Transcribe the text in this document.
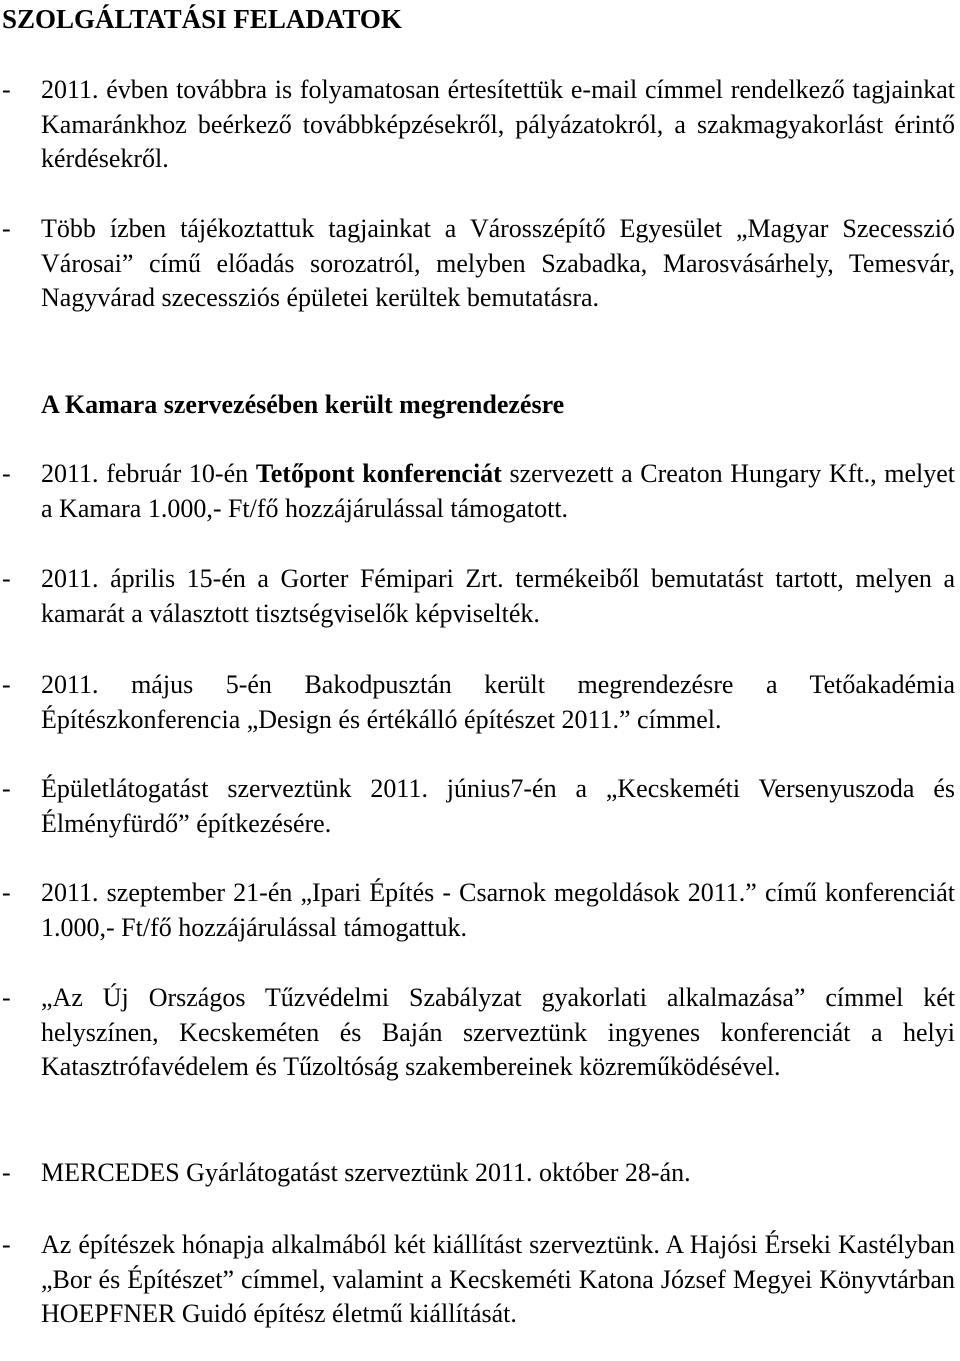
SZOLGÁLTATÁSI FELADATOK
- 2011. évben továbbra is folyamatosan értesítettük e-mail címmel rendelkező tagjainkat Kamaránkhoz beérkező továbbképzésekről, pályázatokról, a szakmagyakorlást érintő kérdésekről.
- Több ízben tájékoztattuk tagjainkat a Városszépítő Egyesület „Magyar Szecesszió Városai” című előadás sorozatról, melyben Szabadka, Marosvásárhely, Temesvár, Nagyvárad szecessziós épületei kerültek bemutatásra.
A Kamara szervezésében került megrendezésre
- 2011. február 10-én Tetőpont konferenciát szervezett a Creaton Hungary Kft., melyet a Kamara 1.000,- Ft/fő hozzájárulással támogatott.
- 2011. április 15-én a Gorter Fémipari Zrt. termékeiből bemutatást tartott, melyen a kamarát a választott tisztségviselők képviselték.
- 2011. május 5-én Bakodpusztán került megrendezésre a Tetőakadémia Építészkonferencia „Design és értékálló építészet 2011.” címmel.
- Épületlátogatást szerveztünk 2011. június7-én a „Kecskeméti Versenyuszoda és Élményfürdő” építkezésére.
- 2011. szeptember 21-én „Ipari Építés - Csarnok megoldások 2011.” című konferenciát 1.000,- Ft/fő hozzájárulással támogattuk.
- „Az Új Országos Tűzvédelmi Szabályzat gyakorlati alkalmazása” címmel két helyszínen, Kecskeméten és Baján szerveztünk ingyenes konferenciát a helyi Katasztrófavédelem és Tűzoltóság szakembereinek közreműködésével.
- MERCEDES Gyárlátogatást szerveztünk 2011. október 28-án.
- Az építészek hónapja alkalmából két kiállítást szerveztünk. A Hajósi Érseki Kastélyban „Bor és Építészet” címmel, valamint a Kecskeméti Katona József Megyei Könyvtárban HOEPFNER Guidó építész életmű kiállítását.
